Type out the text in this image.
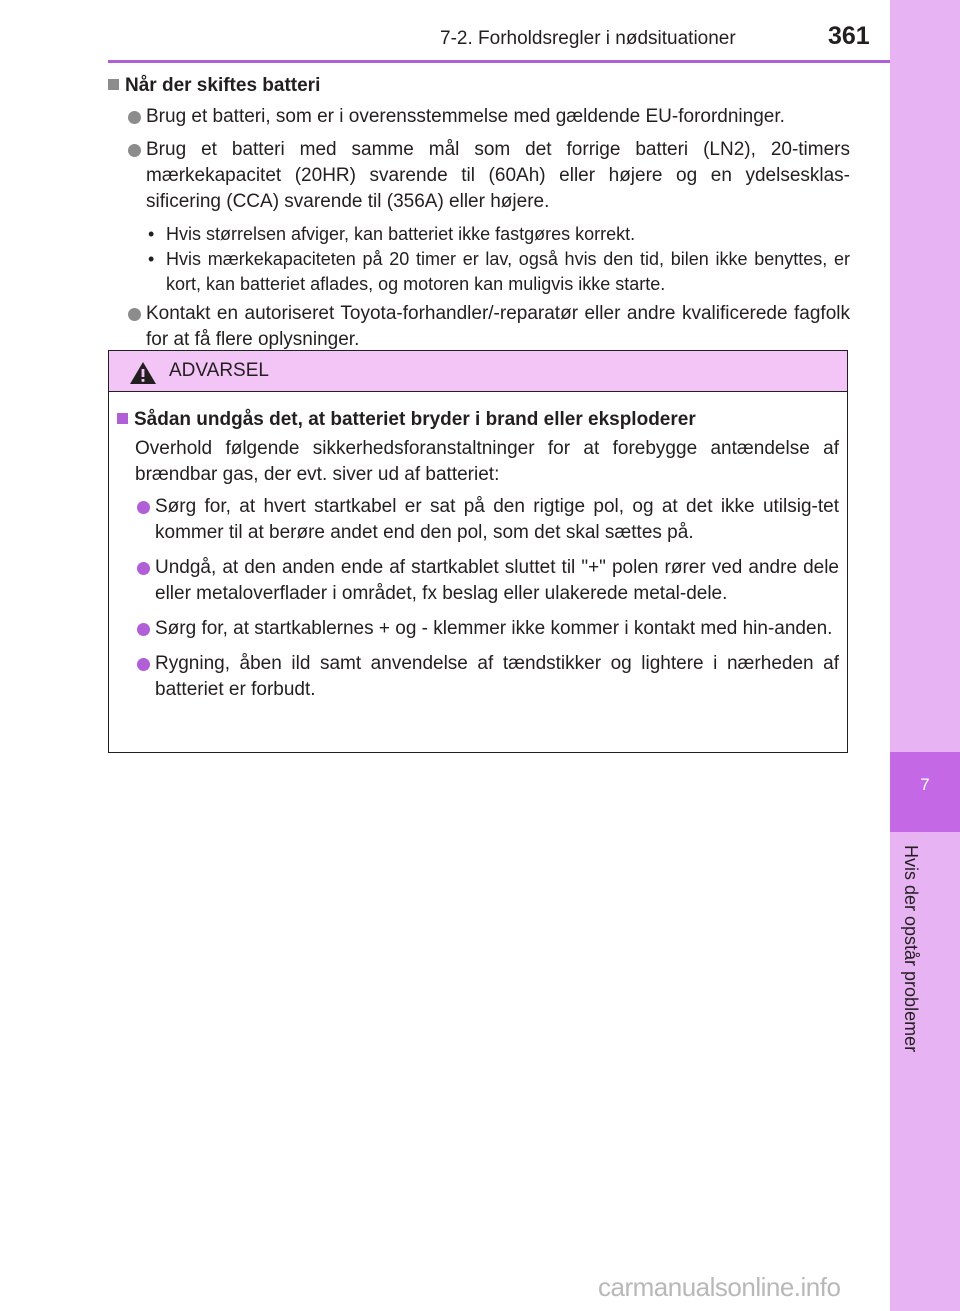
7
Hvis der opstår problemer
7-2. Forholdsregler i nødsituationer	361
Når der skiftes batteri
Brug et batteri, som er i overensstemmelse med gældende EU-forordninger.
Brug et batteri med samme mål som det forrige batteri (LN2), 20-timers mærkekapacitet (20HR) svarende til (60Ah) eller højere og en ydelsesklas-sificering (CCA) svarende til (356A) eller højere.
• Hvis størrelsen afviger, kan batteriet ikke fastgøres korrekt.
• Hvis mærkekapaciteten på 20 timer er lav, også hvis den tid, bilen ikke benyttes, er kort, kan batteriet aflades, og motoren kan muligvis ikke starte.
Kontakt en autoriseret Toyota-forhandler/-reparatør eller andre kvalificerede fagfolk for at få flere oplysninger.
ADVARSEL
Sådan undgås det, at batteriet bryder i brand eller eksploderer
Overhold følgende sikkerhedsforanstaltninger for at forebygge antændelse af brændbar gas, der evt. siver ud af batteriet:
Sørg for, at hvert startkabel er sat på den rigtige pol, og at det ikke utilsig-tet kommer til at berøre andet end den pol, som det skal sættes på.
Undgå, at den anden ende af startkablet sluttet til "+" polen rører ved andre dele eller metaloverflader i området, fx beslag eller ulakerede metal-dele.
Sørg for, at startkablernes + og - klemmer ikke kommer i kontakt med hin-anden.
Rygning, åben ild samt anvendelse af tændstikker og lightere i nærheden af batteriet er forbudt.
carmanualsonline.info
